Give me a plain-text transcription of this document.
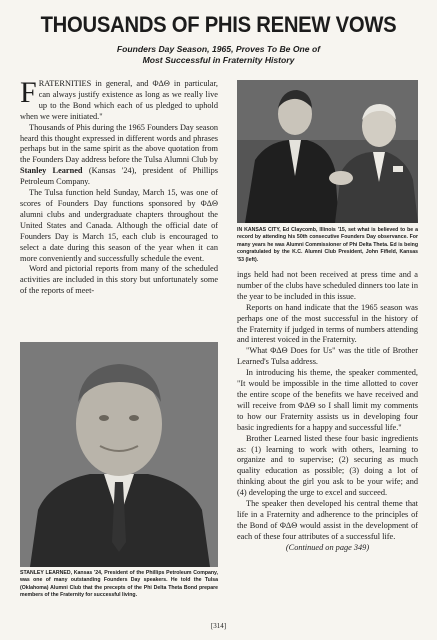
THOUSANDS OF PHIS RENEW VOWS
Founders Day Season, 1965, Proves To Be One of
Most Successful in Fraternity History

FRATERNITIES in general, and ΦΔΘ in particular, can always justify existence as long as we really live up to the Bond which each of us pledged to uphold when we were initiated."

Thousands of Phis during the 1965 Founders Day season heard this thought expressed in different words and phrases perhaps but in the same spirit as the above quotation from the Founders Day address before the Tulsa Alumni Club by Stanley Learned (Kansas '24), president of Phillips Petroleum Company.

The Tulsa function held Sunday, March 15, was one of scores of Founders Day functions sponsored by ΦΔΘ alumni clubs and undergraduate chapters throughout the United States and Canada. Although the official date of Founders Day is March 15, each club is encouraged to select a date during this season of the year when it can more conveniently and successfully schedule the event.

Word and pictorial reports from many of the scheduled activities are included in this story but unfortunately some of the reports of meet-

STANLEY LEARNED, Kansas '24, President of the Phillips Petroleum Company, was one of many outstanding Founders Day speakers. He told the Tulsa (Oklahoma) Alumni Club that the precepts of the Phi Delta Theta Bond prepare members of the Fraternity for successful living.

IN KANSAS CITY, Ed Claycomb, Illinois '15, set what is believed to be a record by attending his 50th consecutive Founders Day observance. For many years he was Alumni Commissioner of Phi Delta Theta. Ed is being congratulated by the K.C. Alumni Club President, John Fifield, Kansas '53 (left).

ings held had not been received at press time and a number of the clubs have scheduled dinners too late in the year to be included in this issue.

Reports on hand indicate that the 1965 season was perhaps one of the most successful in the history of the Fraternity if judged in terms of numbers attending and interest voiced in the Fraternity.

"What ΦΔΘ Does for Us" was the title of Brother Learned's Tulsa address.

In introducing his theme, the speaker commented, "It would be impossible in the time allotted to cover the entire scope of the benefits we have received and will receive from ΦΔΘ so I shall limit my comments to how our Fraternity assists us in developing four basic ingredients for a happy and successful life."

Brother Learned listed these four basic ingredients as: (1) learning to work with others, learning to organize and to supervise; (2) securing as much quality education as possible; (3) doing a lot of thinking about the girl you ask to be your wife; and (4) developing the urge to excel and succeed.

The speaker then developed his central theme that life in a Fraternity and adherence to the principles of the Bond of ΦΔΘ would assist in the development of each of these four attributes of a successful life.

(Continued on page 349)

[314]
